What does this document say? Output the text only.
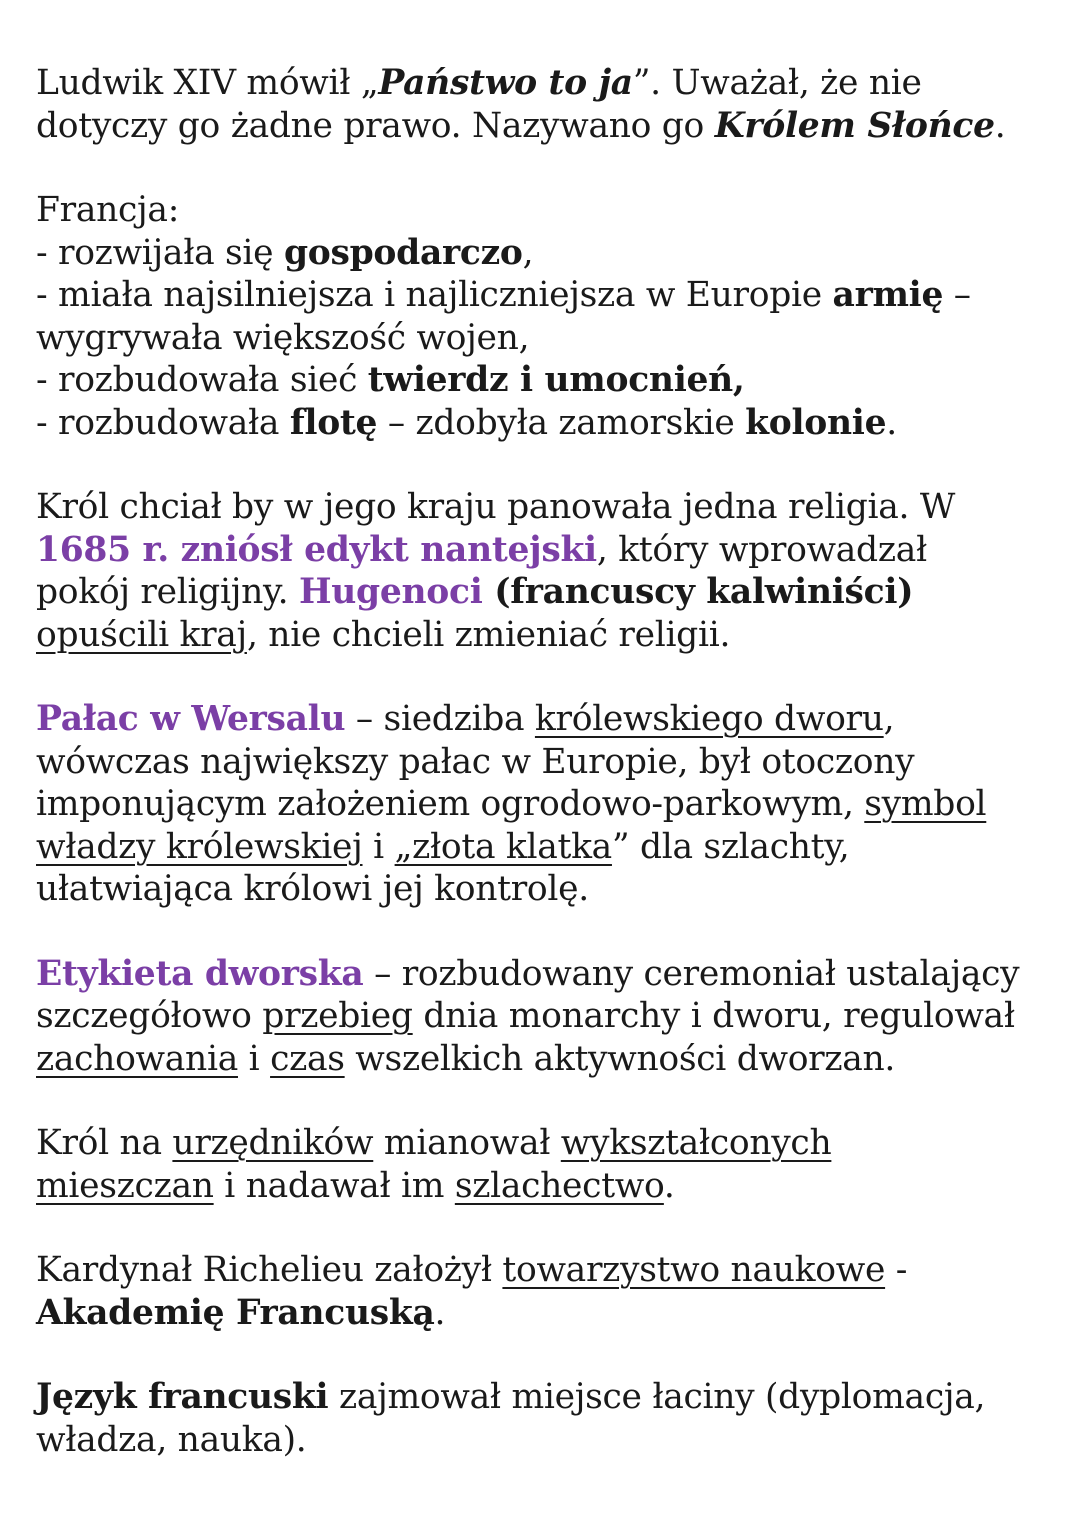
Ludwik XIV mówił „Państwo to ja”. Uważał, że nie
dotyczy go żadne prawo. Nazywano go Królem Słońce.

Francja:
- rozwijała się gospodarczo,
- miała najsilniejsza i najliczniejsza w Europie armię –
wygrywała większość wojen,
- rozbudowała sieć twierdz i umocnień,
- rozbudowała flotę – zdobyła zamorskie kolonie.

Król chciał by w jego kraju panowała jedna religia. W
1685 r. zniósł edykt nantejski, który wprowadzał
pokój religijny. Hugenoci (francuscy kalwiniści)
opuścili kraj, nie chcieli zmieniać religii.

Pałac w Wersalu – siedziba królewskiego dworu,
wówczas największy pałac w Europie, był otoczony
imponującym założeniem ogrodowo-parkowym, symbol
władzy królewskiej i „złota klatka” dla szlachty,
ułatwiająca królowi jej kontrolę.

Etykieta dworska – rozbudowany ceremoniał ustalający
szczegółowo przebieg dnia monarchy i dworu, regulował
zachowania i czas wszelkich aktywności dworzan.

Król na urzędników mianował wykształconych
mieszczan i nadawał im szlachectwo.

Kardynał Richelieu założył towarzystwo naukowe -
Akademię Francuską.

Język francuski zajmował miejsce łaciny (dyplomacja,
władza, nauka).
